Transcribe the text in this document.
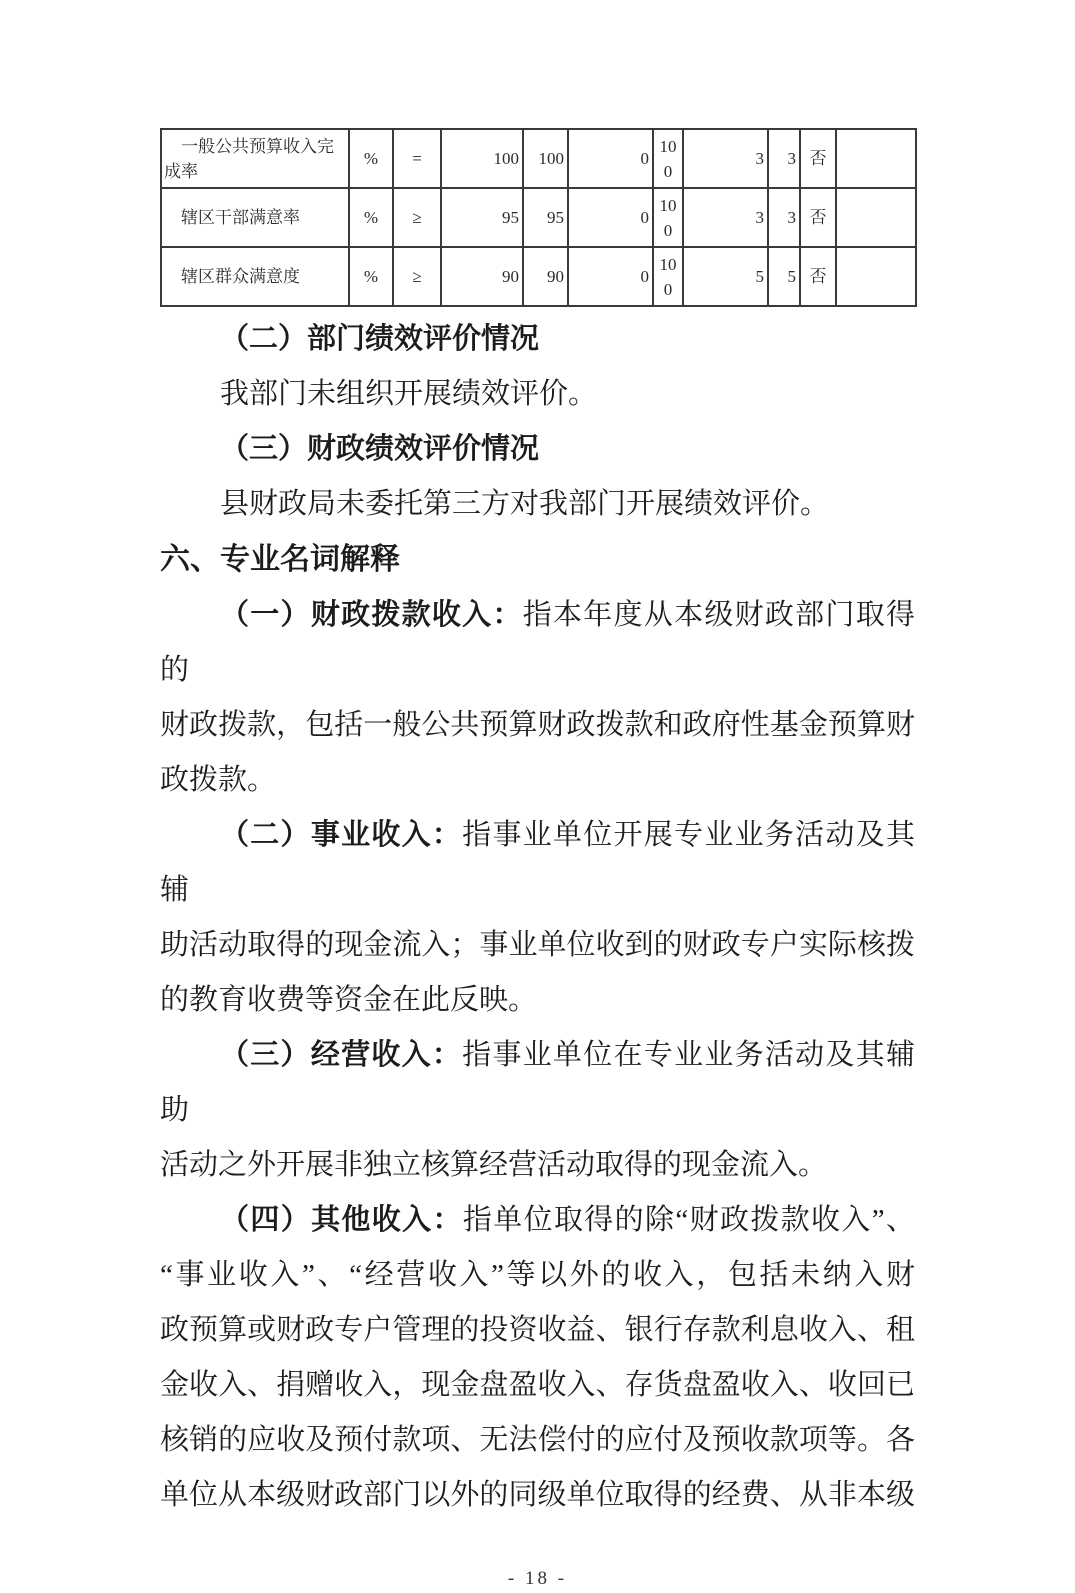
一般公共预算收入完成率	%	=	100	100	0	100	3	3	否	
辖区干部满意率	%	≥	95	95	0	100	3	3	否	
辖区群众满意度	%	≥	90	90	0	100	5	5	否	
（二）部门绩效评价情况
我部门未组织开展绩效评价。
（三）财政绩效评价情况
县财政局未委托第三方对我部门开展绩效评价。
六、专业名词解释
（一）财政拨款收入：指本年度从本级财政部门取得的
财政拨款，包括一般公共预算财政拨款和政府性基金预算财
政拨款。
（二）事业收入：指事业单位开展专业业务活动及其辅
助活动取得的现金流入；事业单位收到的财政专户实际核拨
的教育收费等资金在此反映。
（三）经营收入：指事业单位在专业业务活动及其辅助
活动之外开展非独立核算经营活动取得的现金流入。
（四）其他收入：指单位取得的除“财政拨款收入”、
“事业收入”、“经营收入”等以外的收入，包括未纳入财
政预算或财政专户管理的投资收益、银行存款利息收入、租
金收入、捐赠收入，现金盘盈收入、存货盘盈收入、收回已
核销的应收及预付款项、无法偿付的应付及预收款项等。各
单位从本级财政部门以外的同级单位取得的经费、从非本级
- 18 -
